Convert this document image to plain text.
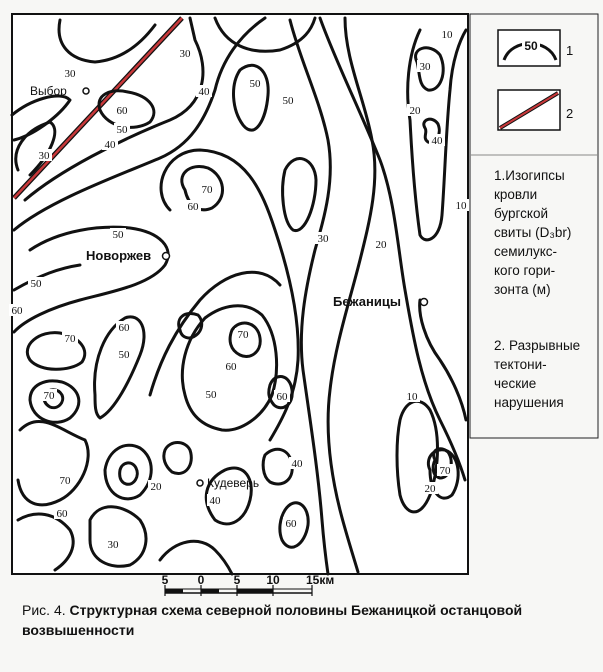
30
40
30
10
30
20
60
50
40
30
70
60
50
50
10
20
50	30
50
70
60
70
50
60
60
70	50	60
70
40
10
70
20
60
60
40
30
20
40
Выбор
Новоржев
Бежаницы
Кудеверь
50 1
2
5 0 5 10 15км
1.Изогипсы
кровли
бургской
свиты (D₃br)
семилукс-
кого гори-
зонта (м)
2. Разрывные
тектони-
ческие
нарушения
Рис. 4. Структурная схема северной половины Бежаницкой останцовой возвышенности
